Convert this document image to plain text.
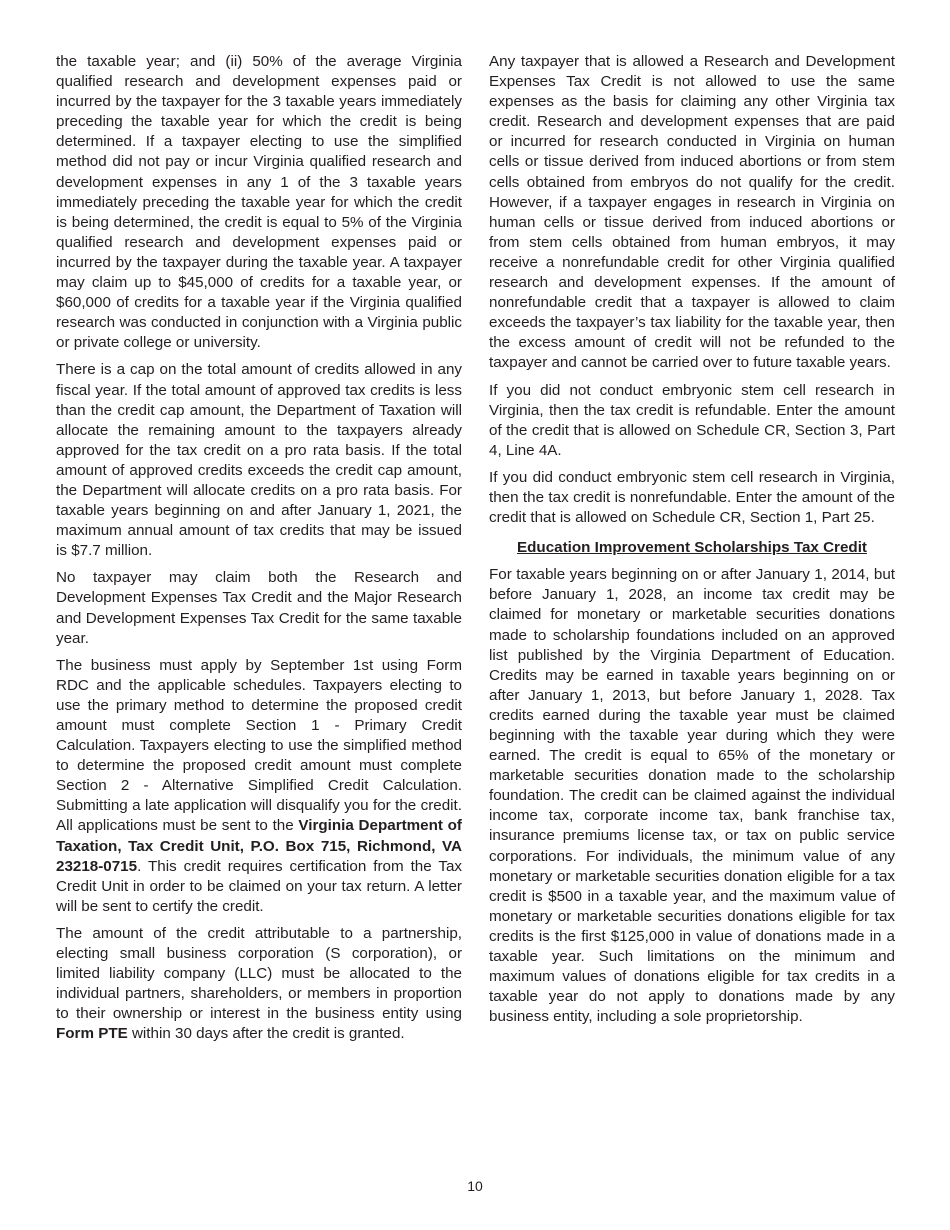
the taxable year; and (ii) 50% of the average Virginia qualified research and development expenses paid or incurred by the taxpayer for the 3 taxable years immediately preceding the taxable year for which the credit is being determined. If a taxpayer electing to use the simplified method did not pay or incur Virginia qualified research and development expenses in any 1 of the 3 taxable years immediately preceding the taxable year for which the credit is being determined, the credit is equal to 5% of the Virginia qualified research and development expenses paid or incurred by the taxpayer during the taxable year. A taxpayer may claim up to $45,000 of credits for a taxable year, or $60,000 of credits for a taxable year if the Virginia qualified research was conducted in conjunction with a Virginia public or private college or university.

There is a cap on the total amount of credits allowed in any fiscal year. If the total amount of approved tax credits is less than the credit cap amount, the Department of Taxation will allocate the remaining amount to the taxpayers already approved for the tax credit on a pro rata basis. If the total amount of approved credits exceeds the credit cap amount, the Department will allocate credits on a pro rata basis. For taxable years beginning on and after January 1, 2021, the maximum annual amount of tax credits that may be issued is $7.7 million.

No taxpayer may claim both the Research and Development Expenses Tax Credit and the Major Research and Development Expenses Tax Credit for the same taxable year.

The business must apply by September 1st using Form RDC and the applicable schedules. Taxpayers electing to use the primary method to determine the proposed credit amount must complete Section 1 - Primary Credit Calculation. Taxpayers electing to use the simplified method to determine the proposed credit amount must complete Section 2 - Alternative Simplified Credit Calculation. Submitting a late application will disqualify you for the credit. All applications must be sent to the Virginia Department of Taxation, Tax Credit Unit, P.O. Box 715, Richmond, VA 23218-0715. This credit requires certification from the Tax Credit Unit in order to be claimed on your tax return. A letter will be sent to certify the credit.

The amount of the credit attributable to a partnership, electing small business corporation (S corporation), or limited liability company (LLC) must be allocated to the individual partners, shareholders, or members in proportion to their ownership or interest in the business entity using Form PTE within 30 days after the credit is granted.

Any taxpayer that is allowed a Research and Development Expenses Tax Credit is not allowed to use the same expenses as the basis for claiming any other Virginia tax credit. Research and development expenses that are paid or incurred for research conducted in Virginia on human cells or tissue derived from induced abortions or from stem cells obtained from embryos do not qualify for the credit. However, if a taxpayer engages in research in Virginia on human cells or tissue derived from induced abortions or from stem cells obtained from human embryos, it may receive a nonrefundable credit for other Virginia qualified research and development expenses. If the amount of nonrefundable credit that a taxpayer is allowed to claim exceeds the taxpayer’s tax liability for the taxable year, then the excess amount of credit will not be refunded to the taxpayer and cannot be carried over to future taxable years.

If you did not conduct embryonic stem cell research in Virginia, then the tax credit is refundable. Enter the amount of the credit that is allowed on Schedule CR, Section 3, Part 4, Line 4A.

If you did conduct embryonic stem cell research in Virginia, then the tax credit is nonrefundable. Enter the amount of the credit that is allowed on Schedule CR, Section 1, Part 25.

Education Improvement Scholarships Tax Credit

For taxable years beginning on or after January 1, 2014, but before January 1, 2028, an income tax credit may be claimed for monetary or marketable securities donations made to scholarship foundations included on an approved list published by the Virginia Department of Education. Credits may be earned in taxable years beginning on or after January 1, 2013, but before January 1, 2028. Tax credits earned during the taxable year must be claimed beginning with the taxable year during which they were earned. The credit is equal to 65% of the monetary or marketable securities donation made to the scholarship foundation. The credit can be claimed against the individual income tax, corporate income tax, bank franchise tax, insurance premiums license tax, or tax on public service corporations. For individuals, the minimum value of any monetary or marketable securities donation eligible for a tax credit is $500 in a taxable year, and the maximum value of monetary or marketable securities donations eligible for tax credits is the first $125,000 in value of donations made in a taxable year. Such limitations on the minimum and maximum values of donations eligible for tax credits in a taxable year do not apply to donations made by any business entity, including a sole proprietorship.

10
